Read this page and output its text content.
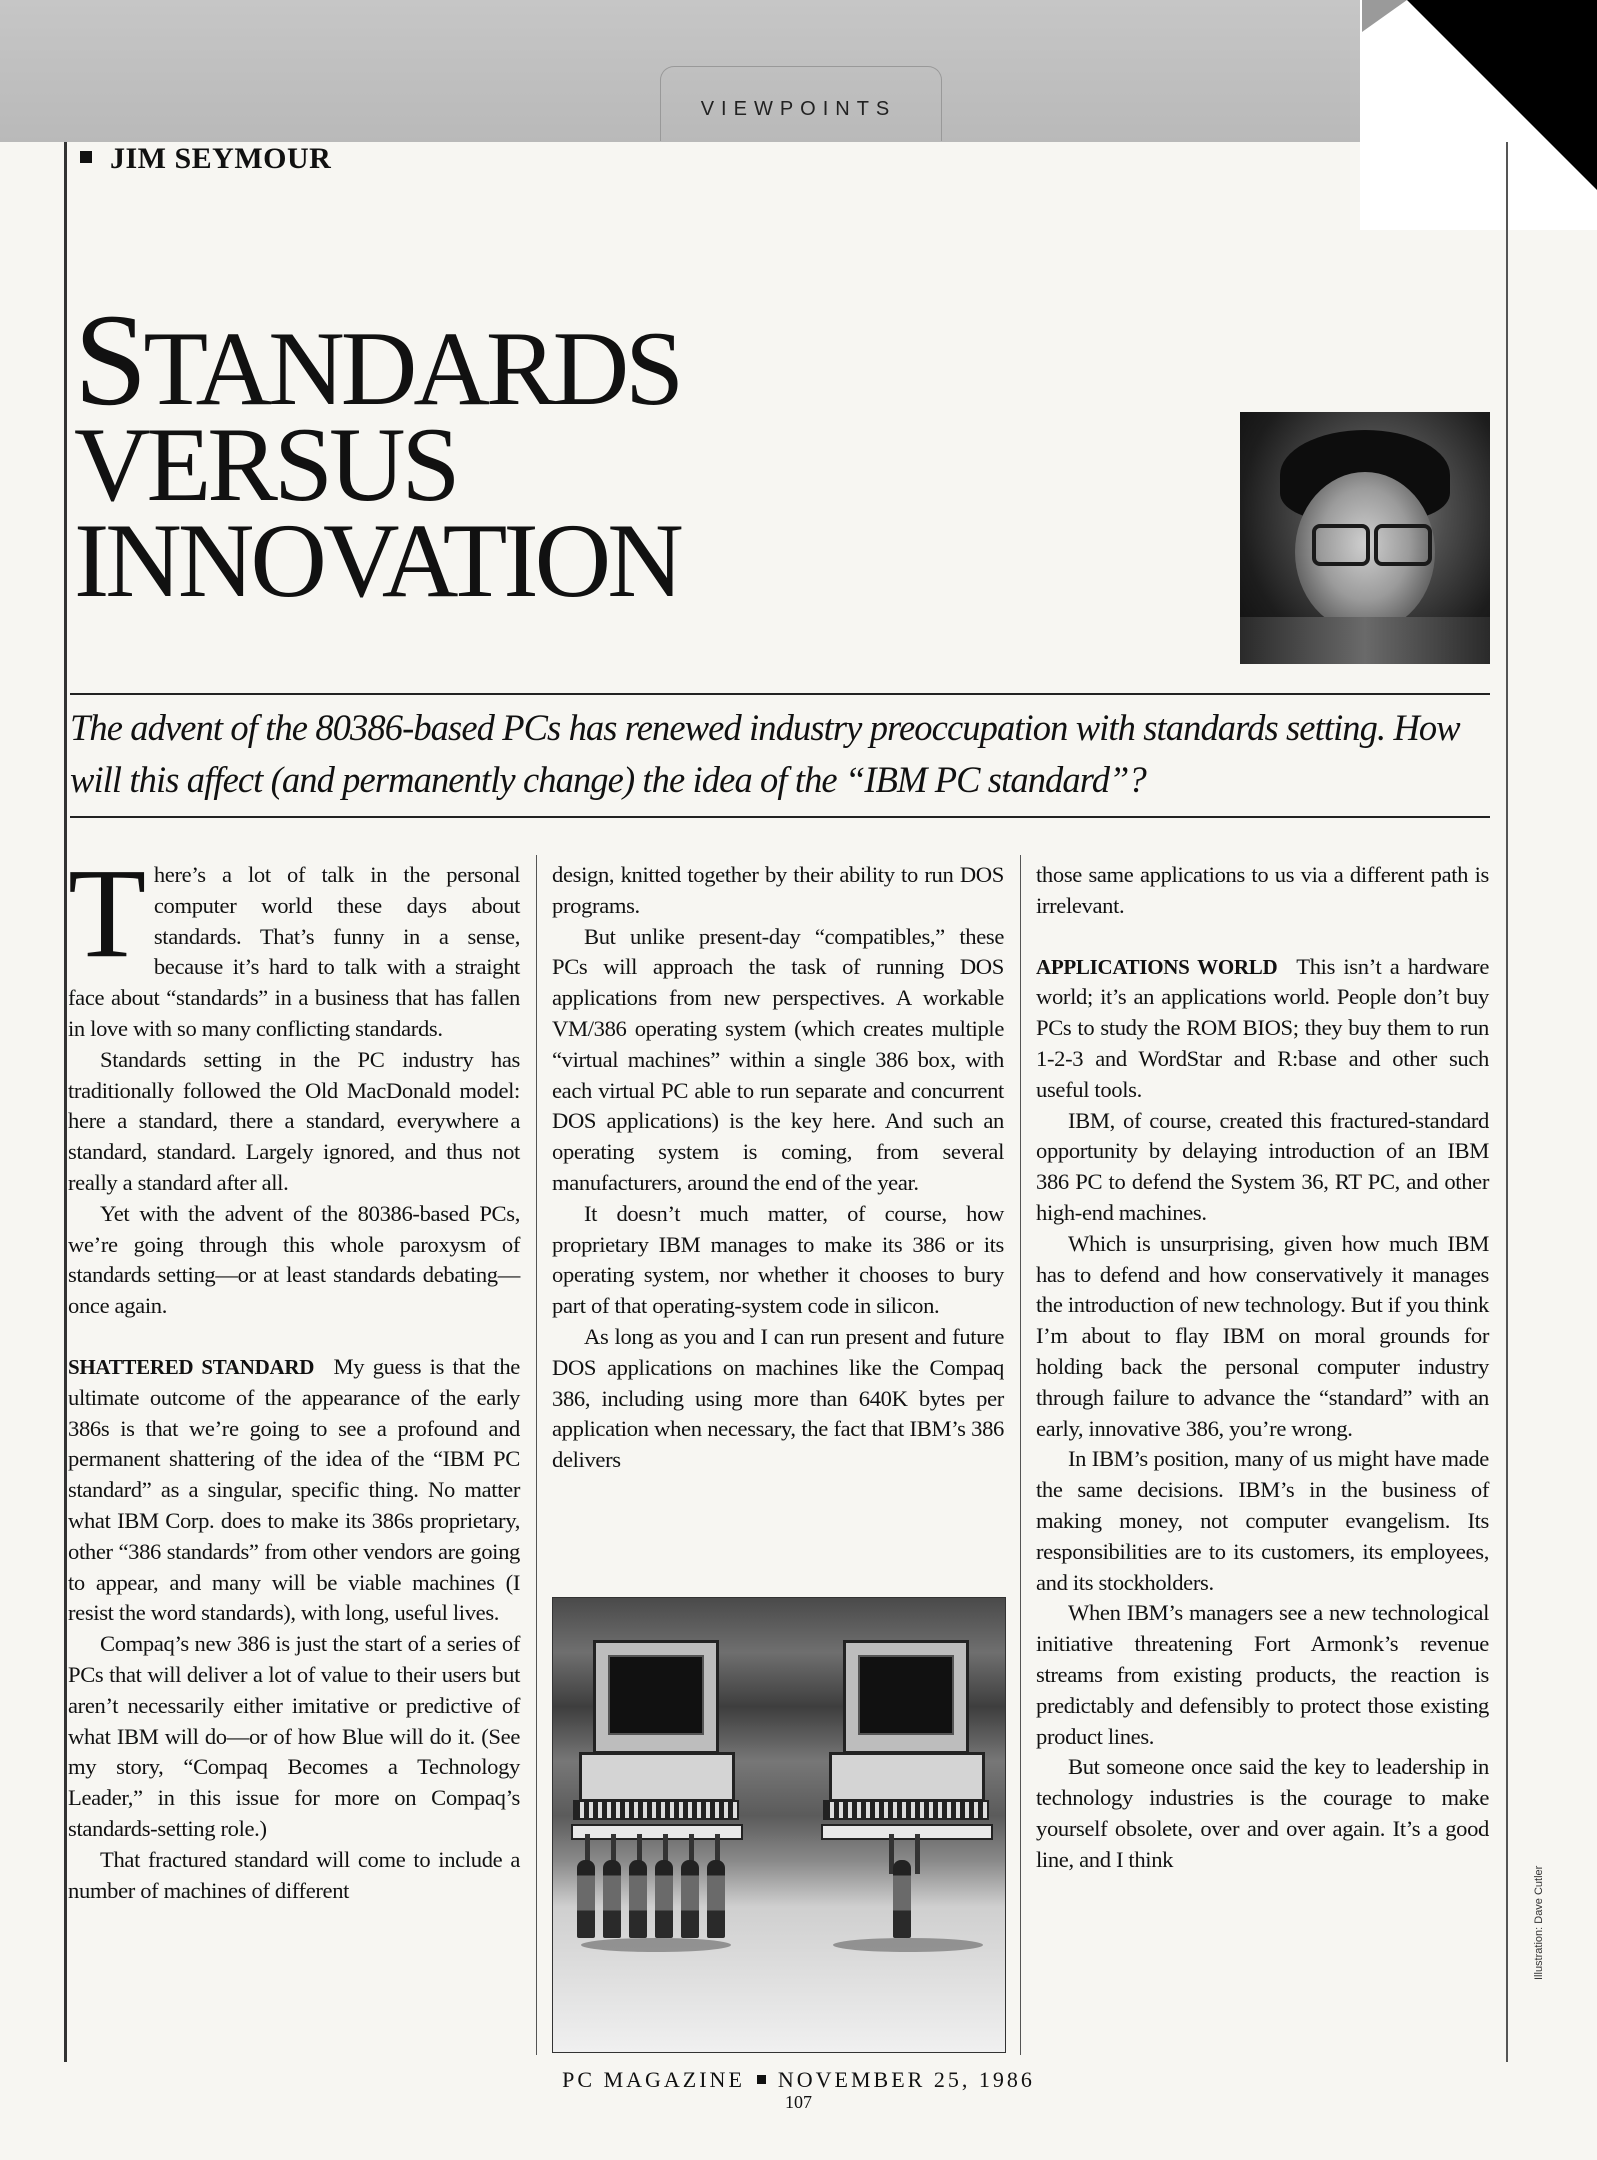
VIEWPOINTS
JIM SEYMOUR
STANDARDS
VERSUS
INNOVATION
The advent of the 80386-based PCs has renewed industry preoccupation with standards setting. How will this affect (and permanently change) the idea of the “IBM PC standard”?

There’s a lot of talk in the personal computer world these days about standards. That’s funny in a sense, because it’s hard to talk with a straight face about “standards” in a business that has fallen in love with so many conflicting standards.

Standards setting in the PC industry has traditionally followed the Old MacDonald model: here a standard, there a standard, everywhere a standard, standard. Largely ignored, and thus not really a standard after all.

Yet with the advent of the 80386-based PCs, we’re going through this whole paroxysm of standards setting—or at least standards debating—once again.

SHATTERED STANDARD  My guess is that the ultimate outcome of the appearance of the early 386s is that we’re going to see a profound and permanent shattering of the idea of the “IBM PC standard” as a singular, specific thing. No matter what IBM Corp. does to make its 386s proprietary, other “386 standards” from other vendors are going to appear, and many will be viable machines (I resist the word standards), with long, useful lives.

Compaq’s new 386 is just the start of a series of PCs that will deliver a lot of value to their users but aren’t necessarily either imitative or predictive of what IBM will do—or of how Blue will do it. (See my story, “Compaq Becomes a Technology Leader,” in this issue for more on Compaq’s standards-setting role.)

That fractured standard will come to include a number of machines of different

design, knitted together by their ability to run DOS programs.

But unlike present-day “compatibles,” these PCs will approach the task of running DOS applications from new perspectives. A workable VM/386 operating system (which creates multiple “virtual machines” within a single 386 box, with each virtual PC able to run separate and concurrent DOS applications) is the key here. And such an operating system is coming, from several manufacturers, around the end of the year.

It doesn’t much matter, of course, how proprietary IBM manages to make its 386 or its operating system, nor whether it chooses to bury part of that operating-system code in silicon.

As long as you and I can run present and future DOS applications on machines like the Compaq 386, including using more than 640K bytes per application when necessary, the fact that IBM’s 386 delivers

those same applications to us via a different path is irrelevant.

APPLICATIONS WORLD  This isn’t a hardware world; it’s an applications world. People don’t buy PCs to study the ROM BIOS; they buy them to run 1-2-3 and WordStar and R:base and other such useful tools.

IBM, of course, created this fractured-standard opportunity by delaying introduction of an IBM 386 PC to defend the System 36, RT PC, and other high-end machines.

Which is unsurprising, given how much IBM has to defend and how conservatively it manages the introduction of new technology. But if you think I’m about to flay IBM on moral grounds for holding back the personal computer industry through failure to advance the “standard” with an early, innovative 386, you’re wrong.

In IBM’s position, many of us might have made the same decisions. IBM’s in the business of making money, not computer evangelism. Its responsibilities are to its customers, its employees, and its stockholders.

When IBM’s managers see a new technological initiative threatening Fort Armonk’s revenue streams from existing products, the reaction is predictably and defensibly to protect those existing product lines.

But someone once said the key to leadership in technology industries is the courage to make yourself obsolete, over and over again. It’s a good line, and I think

Illustration: Dave Cutler
PC MAGAZINE NOVEMBER 25, 1986
107
